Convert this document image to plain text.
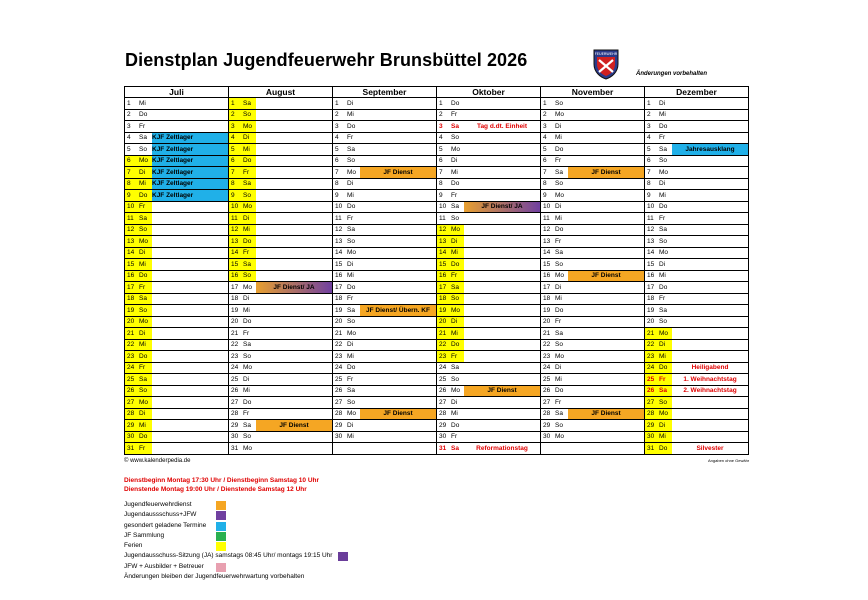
Dienstplan Jugendfeuerwehr Brunsbüttel 2026	FEUERWEHR
Änderungen vorbehalten
Juli			August			September			Oktober			November			Dezember		
1	Mi		1	Sa		1	Di		1	Do		1	So		1	Di	
2	Do		2	So		2	Mi		2	Fr		2	Mo		2	Mi	
3	Fr		3	Mo		3	Do		3	Sa	Tag d.dt. Einheit	3	Di		3	Do	
4	Sa	KJF Zeltlager	4	Di		4	Fr		4	So		4	Mi		4	Fr	
5	So	KJF Zeltlager	5	Mi		5	Sa		5	Mo		5	Do		5	Sa	Jahresausklang
6	Mo	KJF Zeltlager	6	Do		6	So		6	Di		6	Fr		6	So	
7	Di	KJF Zeltlager	7	Fr		7	Mo	JF Dienst	7	Mi		7	Sa	JF Dienst	7	Mo	
8	Mi	KJF Zeltlager	8	Sa		8	Di		8	Do		8	So		8	Di	
9	Do	KJF Zeltlager	9	So		9	Mi		9	Fr		9	Mo		9	Mi	
10	Fr		10	Mo		10	Do		10	Sa	JF Dienst/ JA	10	Di		10	Do	
11	Sa		11	Di		11	Fr		11	So		11	Mi		11	Fr	
12	So		12	Mi		12	Sa		12	Mo		12	Do		12	Sa	
13	Mo		13	Do		13	So		13	Di		13	Fr		13	So	
14	Di		14	Fr		14	Mo		14	Mi		14	Sa		14	Mo	
15	Mi		15	Sa		15	Di		15	Do		15	So		15	Di	
16	Do		16	So		16	Mi		16	Fr		16	Mo	JF Dienst	16	Mi	
17	Fr		17	Mo	JF Dienst/ JA	17	Do		17	Sa		17	Di		17	Do	
18	Sa		18	Di		18	Fr		18	So		18	Mi		18	Fr	
19	So		19	Mi		19	Sa	JF Dienst/ Übern. KF	19	Mo		19	Do		19	Sa	
20	Mo		20	Do		20	So		20	Di		20	Fr		20	So	
21	Di		21	Fr		21	Mo		21	Mi		21	Sa		21	Mo	
22	Mi		22	Sa		22	Di		22	Do		22	So		22	Di	
23	Do		23	So		23	Mi		23	Fr		23	Mo		23	Mi	
24	Fr		24	Mo		24	Do		24	Sa		24	Di		24	Do	Heiligabend
25	Sa		25	Di		25	Fr		25	So		25	Mi		25	Fr	1. Weihnachtstag
26	So		26	Mi		26	Sa		26	Mo	JF Dienst	26	Do		26	Sa	2. Weihnachtstag
27	Mo		27	Do		27	So		27	Di		27	Fr		27	So	
28	Di		28	Fr		28	Mo	JF Dienst	28	Mi		28	Sa	JF Dienst	28	Mo	
29	Mi		29	Sa	JF Dienst	29	Di		29	Do		29	So		29	Di	
30	Do		30	So		30	Mi		30	Fr		30	Mo		30	Mi	
31	Fr		31	Mo					31	Sa	Reformationstag				31	Do	Silvester
© www.kalenderpedia.de	Angaben ohne Gewähr
Dienstbeginn Montag 17:30 Uhr / Dienstbeginn Samstag 10 Uhr
Dienstende Montag 19:00 Uhr / Dienstende Samstag 12 Uhr
Jugendfeuerwehrdienst
Jugendaussschuss+JFW
gesondert geladene Termine
JF Sammlung
Ferien
Jugendausschuss-Sitzung (JA) samstags 08:45 Uhr/ montags 19:15 Uhr
JFW + Ausbilder + Betreuer
Änderungen bleiben der Jugendfeuerwehrwartung vorbehalten
